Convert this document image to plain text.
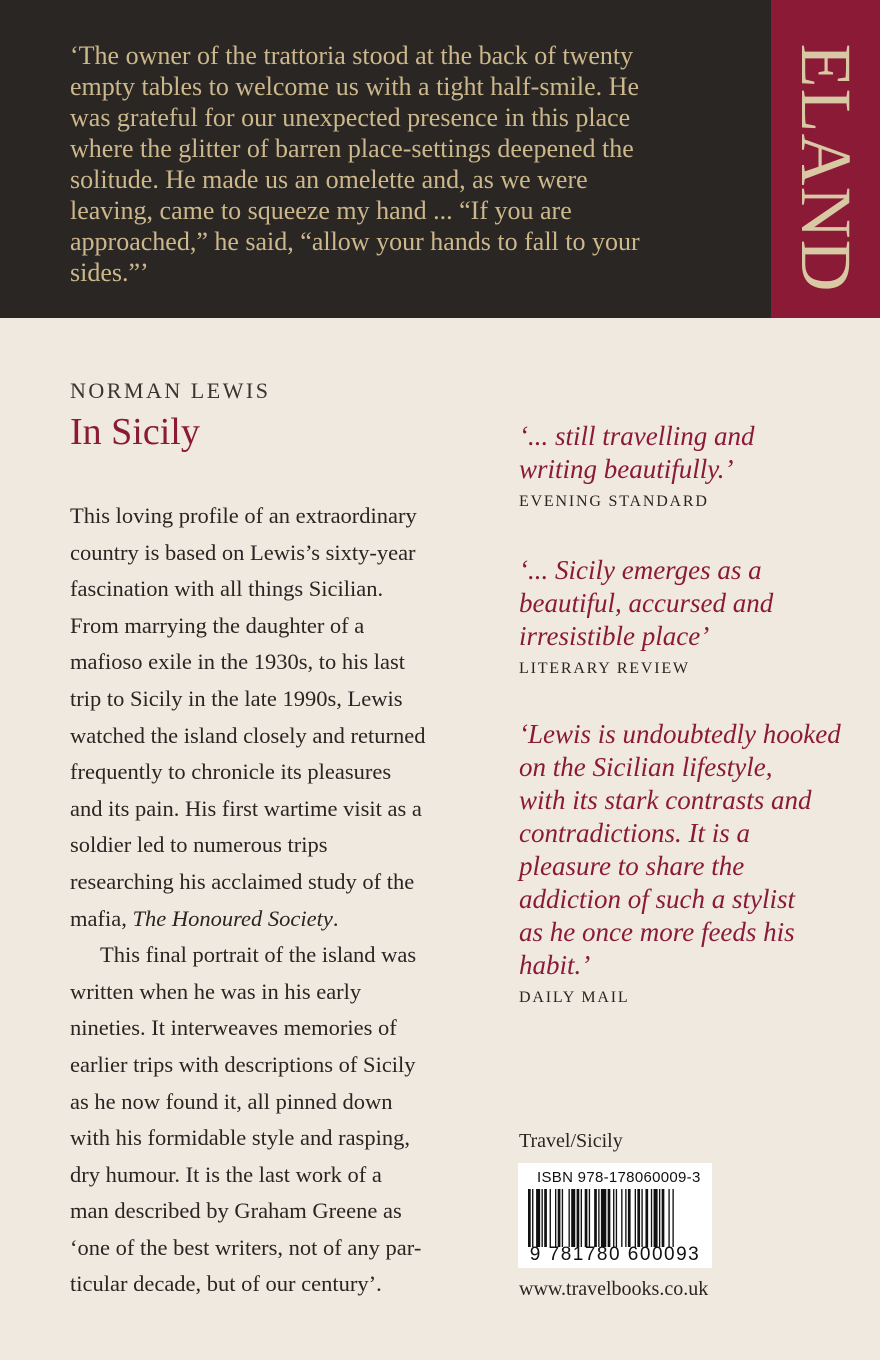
‘The owner of the trattoria stood at the back of twenty
empty tables to welcome us with a tight half-smile. He
was grateful for our unexpected presence in this place
where the glitter of barren place-settings deepened the
solitude. He made us an omelette and, as we were
leaving, came to squeeze my hand ... “If you are
approached,” he said, “allow your hands to fall to your
sides.”’	ELAND

NORMAN LEWIS

In Sicily
This loving profile of an extraordinary
country is based on Lewis’s sixty-year
fascination with all things Sicilian.
From marrying the daughter of a
mafioso exile in the 1930s, to his last
trip to Sicily in the late 1990s, Lewis
watched the island closely and returned
frequently to chronicle its pleasures
and its pain. His first wartime visit as a
soldier led to numerous trips
researching his acclaimed study of the
mafia, The Honoured Society.
This final portrait of the island was
written when he was in his early
nineties. It interweaves memories of
earlier trips with descriptions of Sicily
as he now found it, all pinned down
with his formidable style and rasping,
dry humour. It is the last work of a
man described by Graham Greene as
‘one of the best writers, not of any par-
ticular decade, but of our century’.

‘... still travelling and
writing beautifully.’

EVENING STANDARD

‘... Sicily emerges as a
beautiful, accursed and
irresistible place’

LITERARY REVIEW

‘Lewis is undoubtedly hooked
on the Sicilian lifestyle,
with its stark contrasts and
contradictions. It is a
pleasure to share the
addiction of such a stylist
as he once more feeds his
habit.’

DAILY MAIL
Travel/Sicily
ISBN 978-178060009-3
9 781780 600093
www.travelbooks.co.uk
